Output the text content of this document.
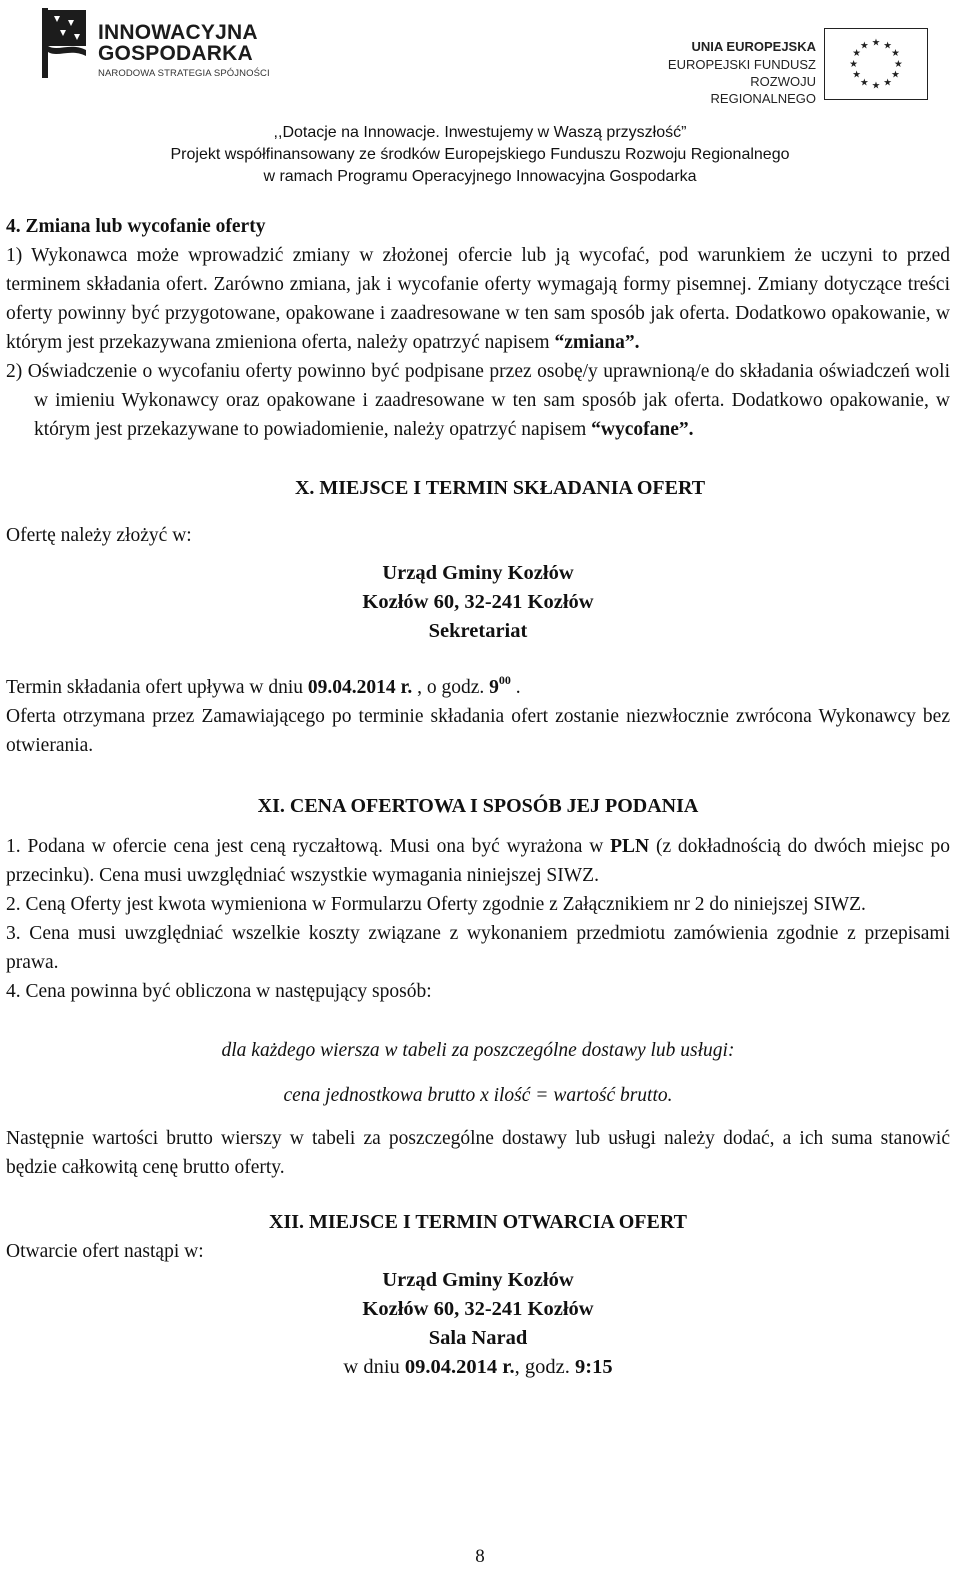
INNOWACYJNA
GOSPODARKA
NARODOWA STRATEGIA SPÓJNOŚCI
UNIA EUROPEJSKA
EUROPEJSKI FUNDUSZ
ROZWOJU REGIONALNEGO
★ ★
★
★
★
★
★
★
★
★
★
★
,,Dotacje na Innowacje. Inwestujemy w Waszą przyszłość”
Projekt współfinansowany ze środków Europejskiego Funduszu Rozwoju Regionalnego
w ramach Programu Operacyjnego Innowacyjna Gospodarka

4. Zmiana lub wycofanie oferty

1) Wykonawca może wprowadzić zmiany w złożonej ofercie lub ją wycofać, pod warunkiem że uczyni to przed terminem składania ofert. Zarówno zmiana, jak i wycofanie oferty wymagają formy pisemnej. Zmiany dotyczące treści oferty powinny być przygotowane, opakowane i zaadresowane w ten sam sposób jak oferta. Dodatkowo opakowanie, w którym jest przekazywana zmieniona oferta, należy opatrzyć napisem “zmiana”.

2) Oświadczenie o wycofaniu oferty powinno być podpisane przez osobę/y uprawnioną/e do składania oświadczeń woli w imieniu Wykonawcy oraz opakowane i zaadresowane w ten sam sposób jak oferta. Dodatkowo opakowanie, w którym jest przekazywane to powiadomienie, należy opatrzyć napisem “wycofane”.

X. MIEJSCE I TERMIN SKŁADANIA OFERT

Ofertę należy złożyć w:

Urząd Gminy Kozłów
Kozłów 60, 32-241 Kozłów
Sekretariat

Termin składania ofert upływa w dniu 09.04.2014 r. , o godz. $9^{00}$ .

Oferta otrzymana przez Zamawiającego po terminie składania ofert zostanie niezwłocznie zwrócona Wykonawcy bez otwierania.

XI. CENA OFERTOWA I SPOSÓB JEJ PODANIA

1. Podana w ofercie cena jest ceną ryczałtową. Musi ona być wyrażona w PLN (z dokładnością do dwóch miejsc po przecinku). Cena musi uwzględniać wszystkie wymagania niniejszej SIWZ.

2. Ceną Oferty jest kwota wymieniona w Formularzu Oferty zgodnie z Załącznikiem nr 2 do niniejszej SIWZ.

3. Cena musi uwzględniać wszelkie koszty związane z wykonaniem przedmiotu zamówienia zgodnie z przepisami prawa.

4. Cena powinna być obliczona w następujący sposób:

dla każdego wiersza w tabeli za poszczególne dostawy lub usługi:

cena jednostkowa brutto x ilość = wartość brutto.

Następnie wartości brutto wierszy w tabeli za poszczególne dostawy lub usługi należy dodać, a ich suma stanowić będzie całkowitą cenę brutto oferty.

XII. MIEJSCE I TERMIN OTWARCIA OFERT

Otwarcie ofert nastąpi w:

Urząd Gminy Kozłów
Kozłów 60, 32-241 Kozłów
Sala Narad

w dniu 09.04.2014 r., godz. 9:15

8
